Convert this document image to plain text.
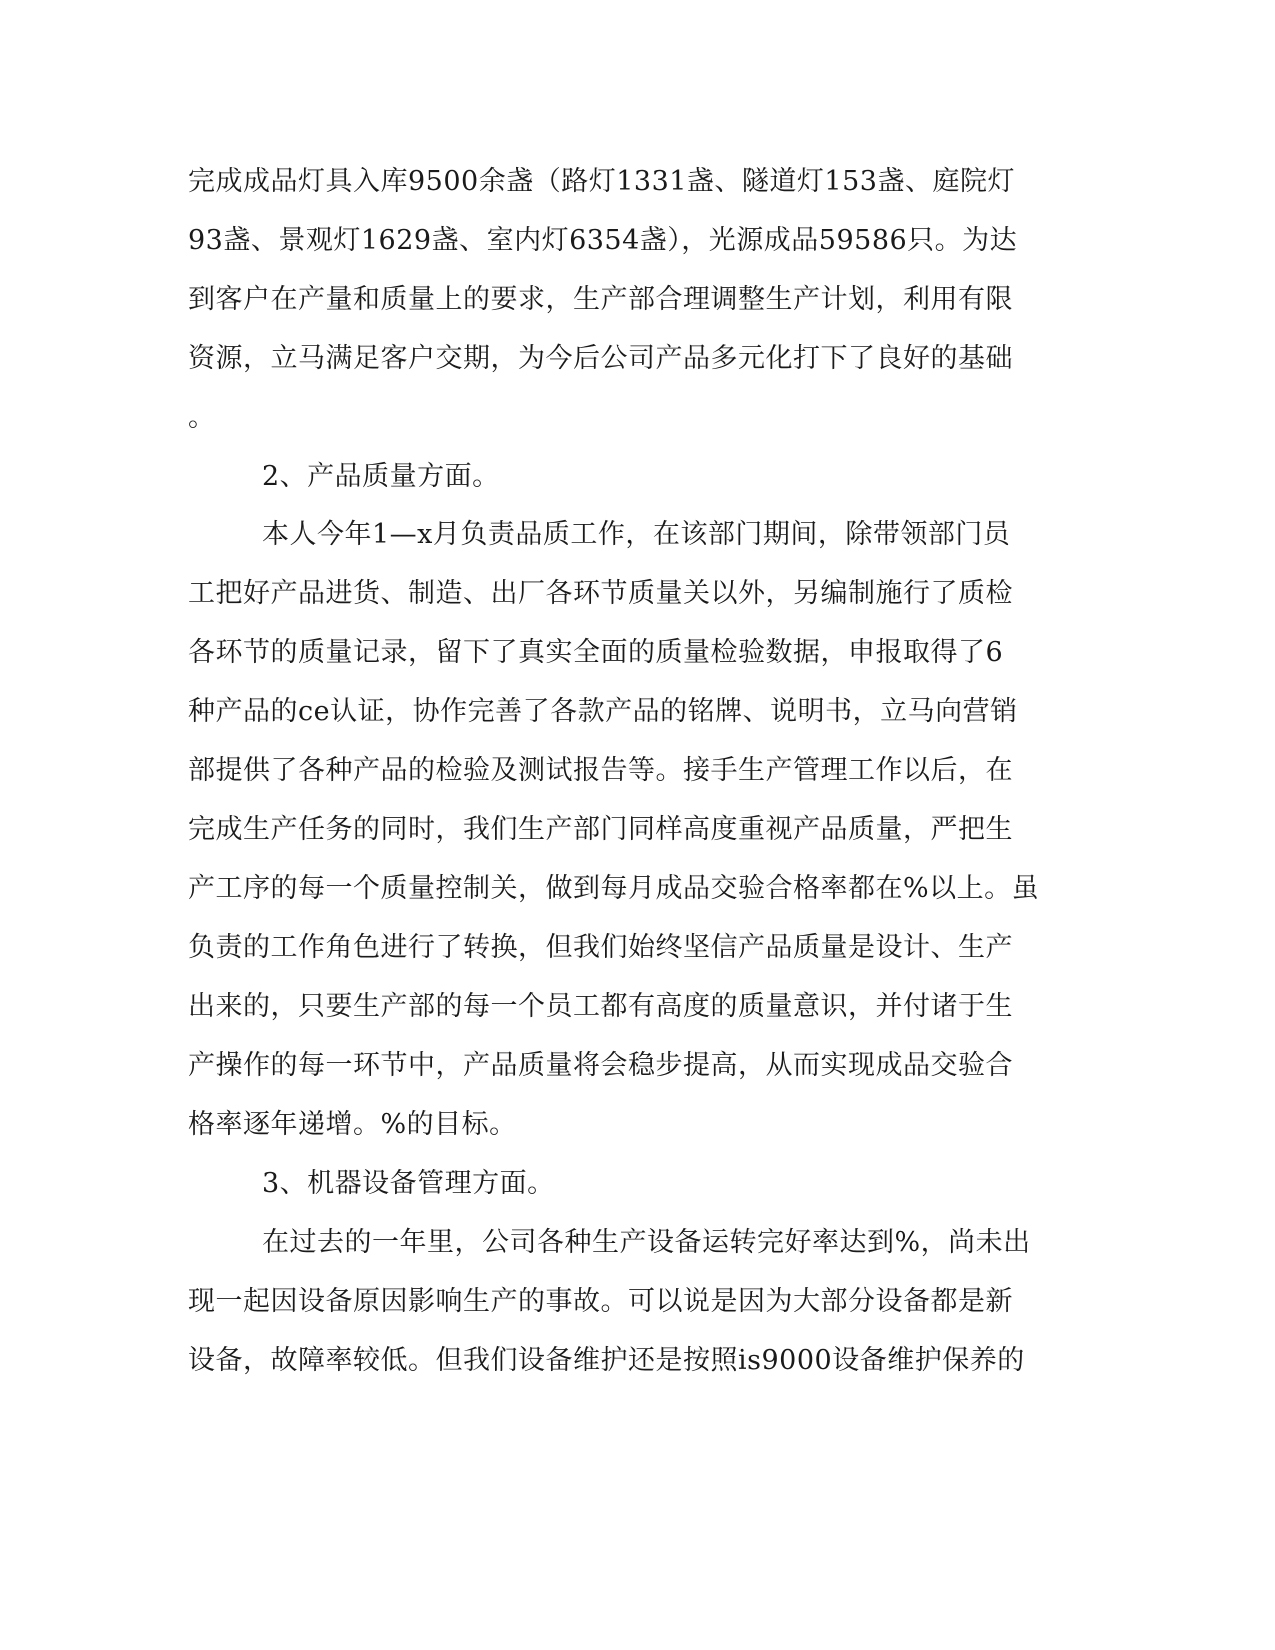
完成成品灯具入库9500余盏（路灯1331盏、隧道灯153盏、庭院灯
93盏、景观灯1629盏、室内灯6354盏），光源成品59586只。为达
到客户在产量和质量上的要求，生产部合理调整生产计划，利用有限
资源，立马满足客户交期，为今后公司产品多元化打下了良好的基础
。
2、产品质量方面。
本人今年1—x月负责品质工作，在该部门期间，除带领部门员
工把好产品进货、制造、出厂各环节质量关以外，另编制施行了质检
各环节的质量记录，留下了真实全面的质量检验数据，申报取得了6
种产品的ce认证，协作完善了各款产品的铭牌、说明书，立马向营销
部提供了各种产品的检验及测试报告等。接手生产管理工作以后，在
完成生产任务的同时，我们生产部门同样高度重视产品质量，严把生
产工序的每一个质量控制关，做到每月成品交验合格率都在%以上。虽
负责的工作角色进行了转换，但我们始终坚信产品质量是设计、生产
出来的，只要生产部的每一个员工都有高度的质量意识，并付诸于生
产操作的每一环节中，产品质量将会稳步提高，从而实现成品交验合
格率逐年递增。%的目标。
3、机器设备管理方面。
在过去的一年里，公司各种生产设备运转完好率达到%，尚未出
现一起因设备原因影响生产的事故。可以说是因为大部分设备都是新
设备，故障率较低。但我们设备维护还是按照is9000设备维护保养的
